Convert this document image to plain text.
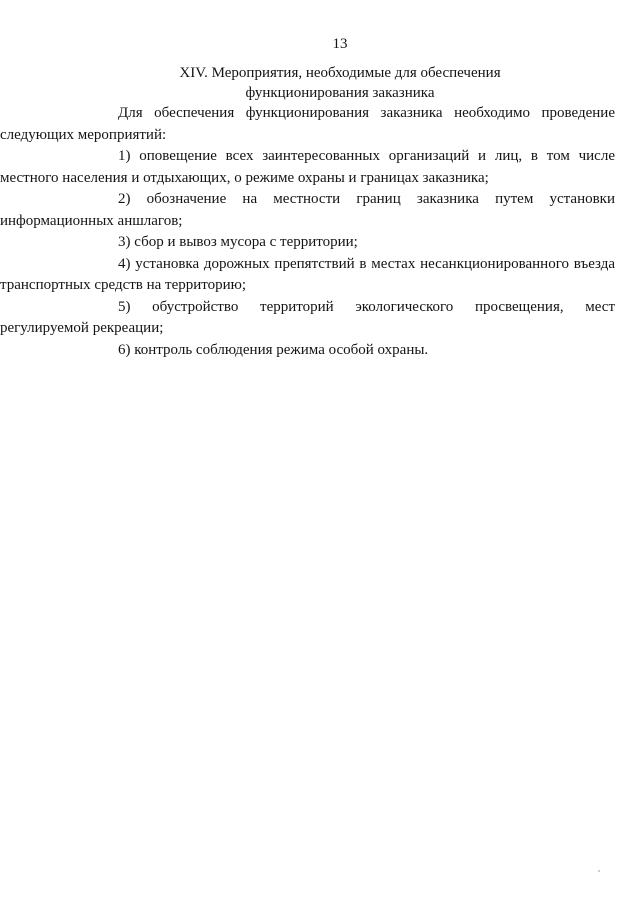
13
XIV. Мероприятия, необходимые для обеспечения
функционирования заказника

Для обеспечения функционирования заказника необходимо проведение
следующих мероприятий:

1) оповещение всех заинтересованных организаций и лиц, в том числе
местного населения и отдыхающих, о режиме охраны и границах заказника;

2) обозначение на местности границ заказника путем установки
информационных аншлагов;

3) сбор и вывоз мусора с территории;

4) установка дорожных препятствий в местах несанкционированного въезда
транспортных средств на территорию;

5) обустройство территорий экологического просвещения, мест
регулируемой рекреации;

6) контроль соблюдения режима особой охраны.
